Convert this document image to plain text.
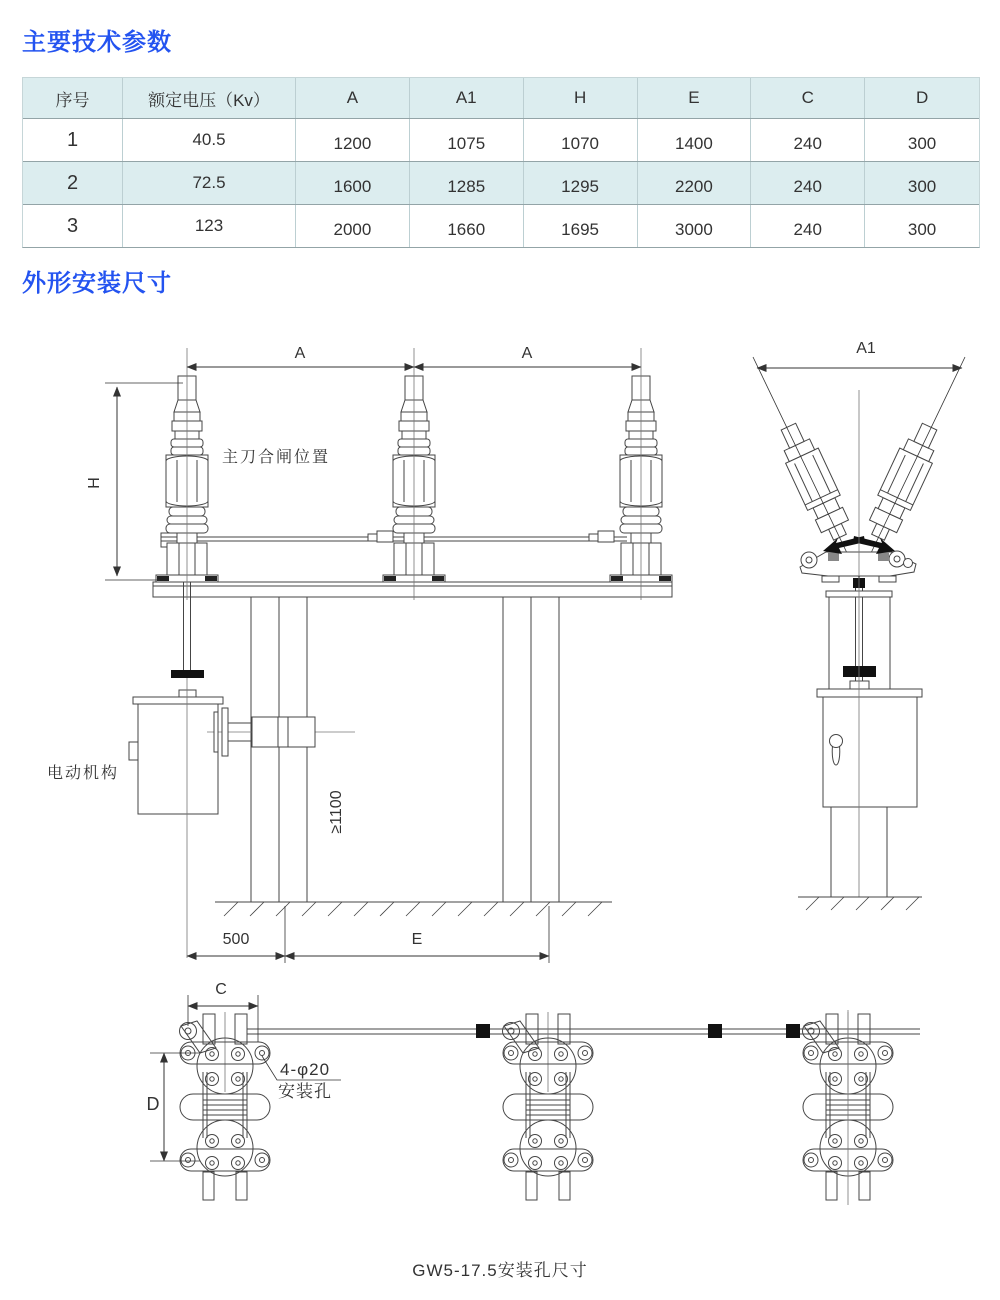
主要技术参数
序号	额定电压（Kv）	A	A1	H	E	C	D
1	40.5	1200	1075	1070	1400	240	300
2	72.5	1600	1285	1295	2200	240	300
3	123	2000	1660	1695	3000	240	300
外形安装尺寸
A	A
H
主刀合闸位置
电动机构
≥1100
500	E
A1
C
D
4-φ20
安装孔
GW5-17.5安装孔尺寸
